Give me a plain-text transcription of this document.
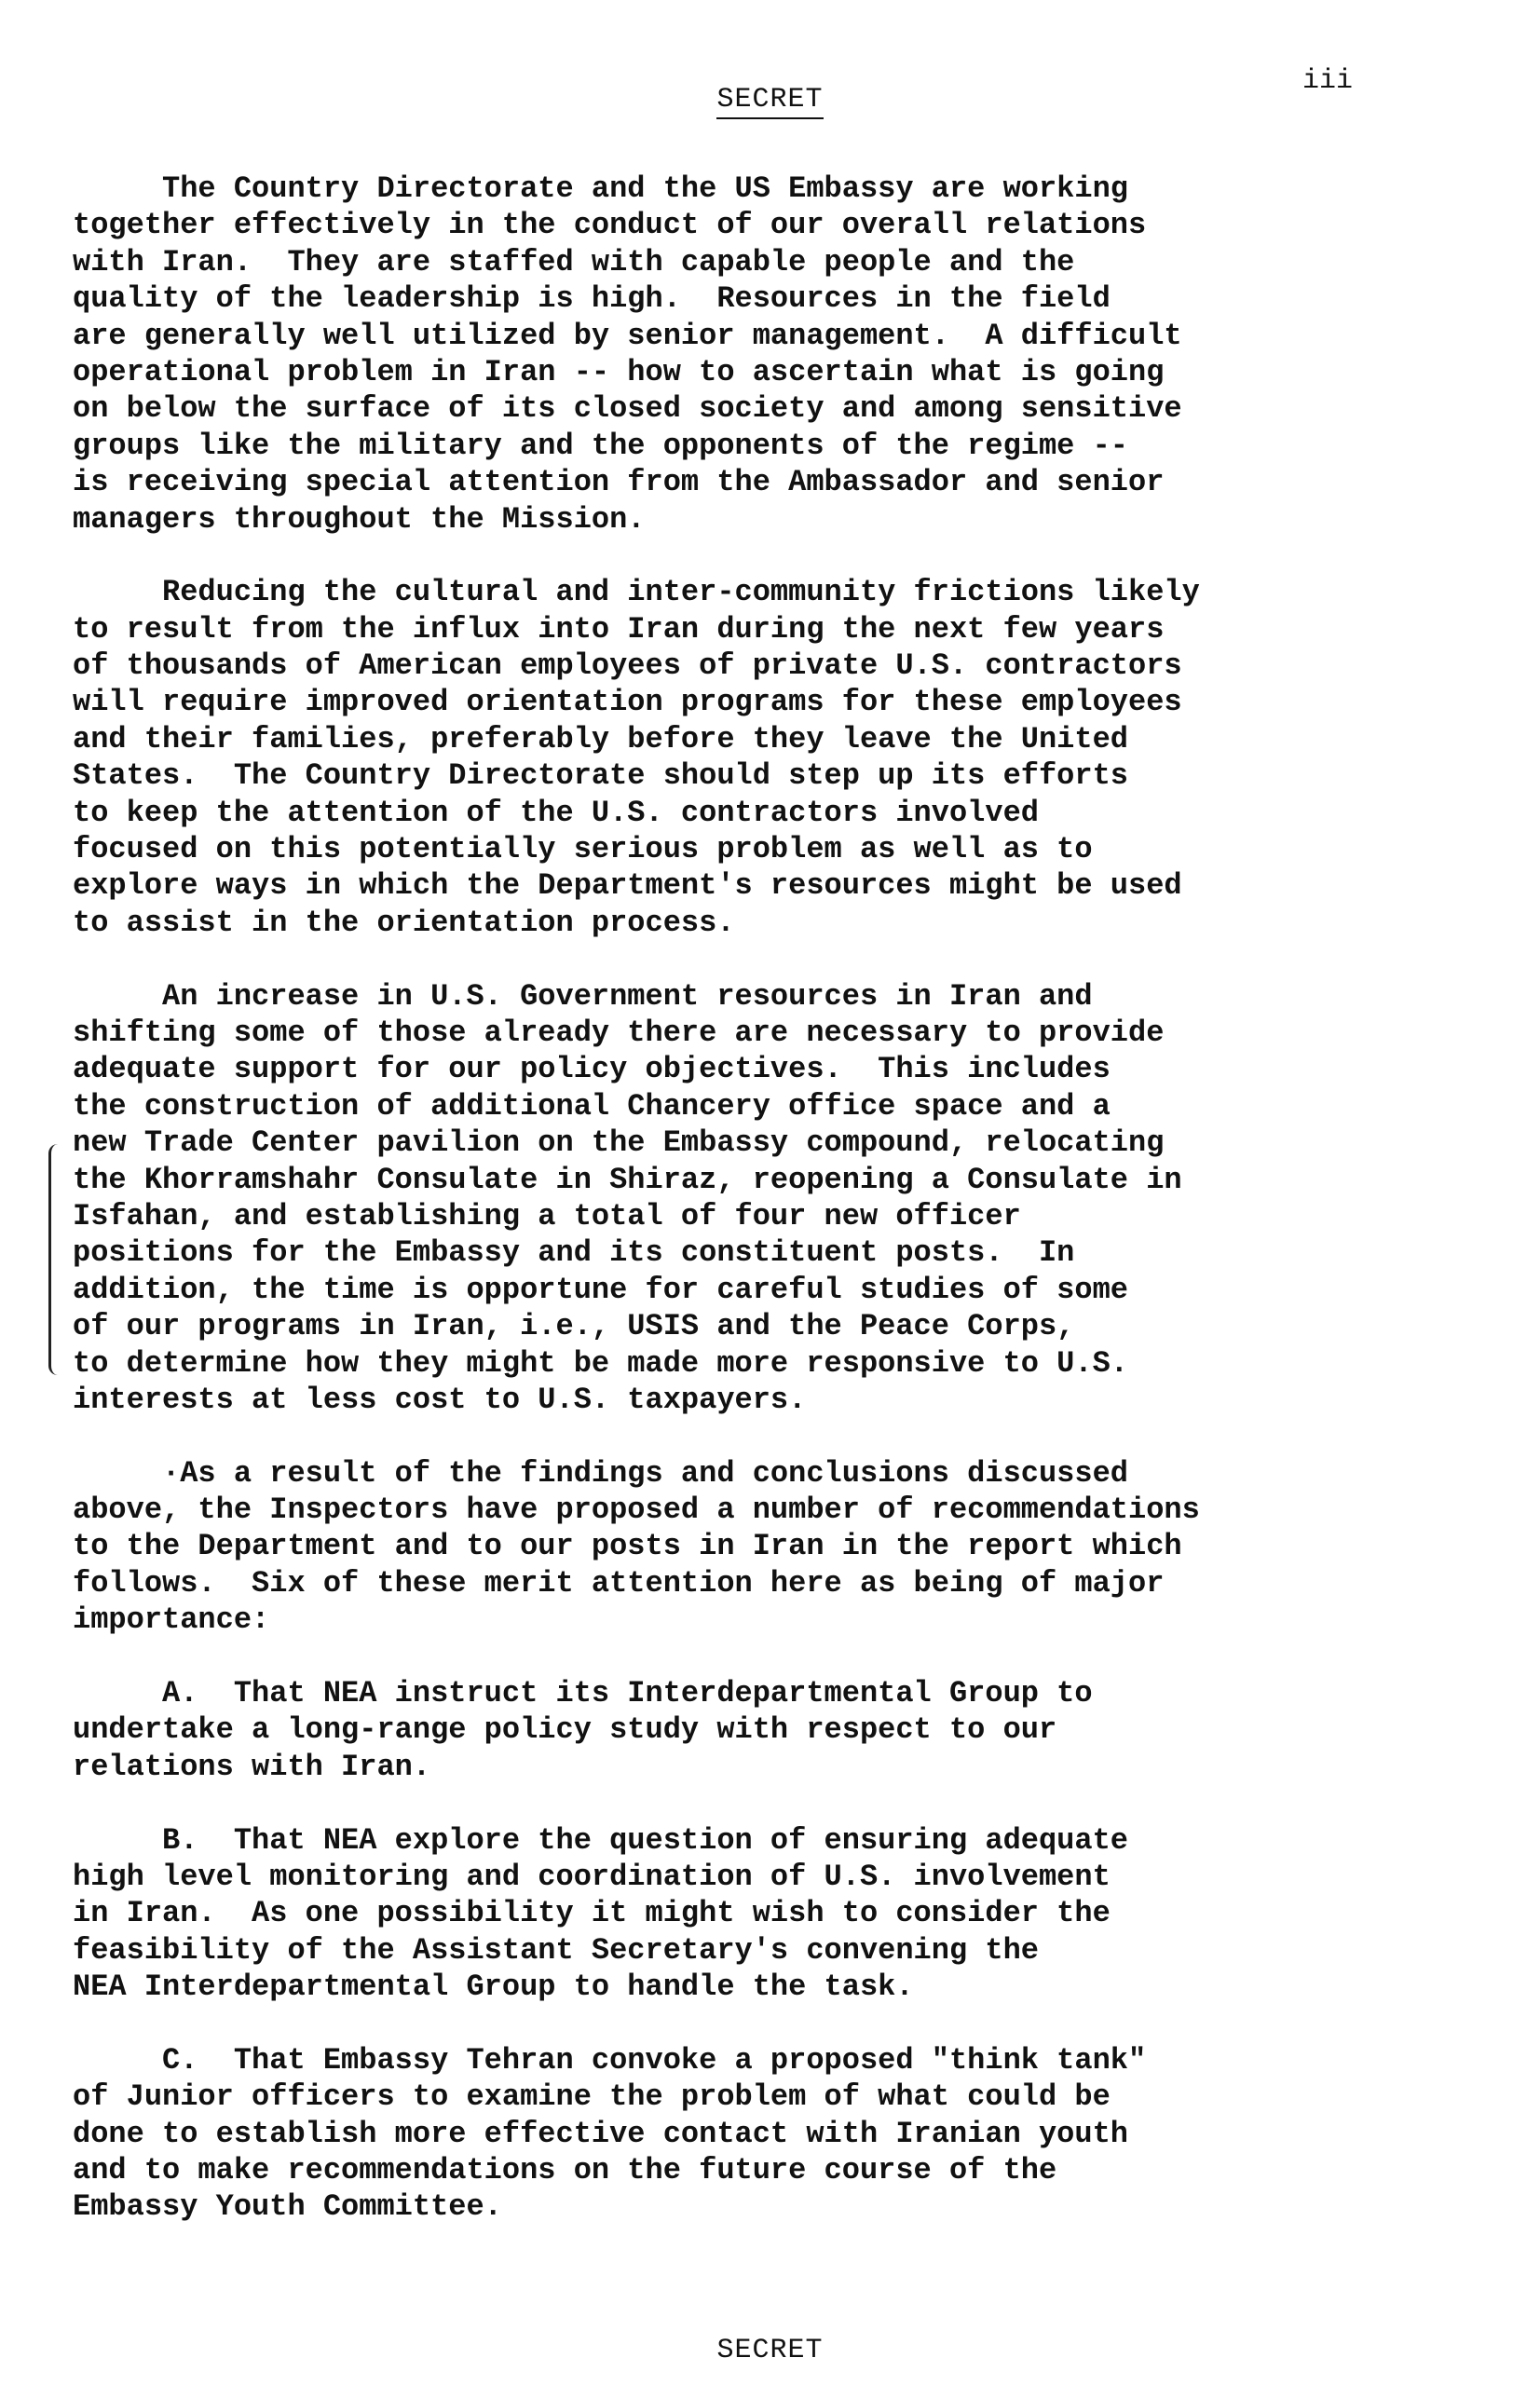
SECRET
iii
The Country Directorate and the US Embassy are working
together effectively in the conduct of our overall relations
with Iran.  They are staffed with capable people and the
quality of the leadership is high.  Resources in the field
are generally well utilized by senior management.  A difficult
operational problem in Iran -- how to ascertain what is going
on below the surface of its closed society and among sensitive
groups like the military and the opponents of the regime --
is receiving special attention from the Ambassador and senior
managers throughout the Mission.
Reducing the cultural and inter-community frictions likely
to result from the influx into Iran during the next few years
of thousands of American employees of private U.S. contractors
will require improved orientation programs for these employees
and their families, preferably before they leave the United
States.  The Country Directorate should step up its efforts
to keep the attention of the U.S. contractors involved
focused on this potentially serious problem as well as to
explore ways in which the Department's resources might be used
to assist in the orientation process.
An increase in U.S. Government resources in Iran and
shifting some of those already there are necessary to provide
adequate support for our policy objectives.  This includes
the construction of additional Chancery office space and a
new Trade Center pavilion on the Embassy compound, relocating
the Khorramshahr Consulate in Shiraz, reopening a Consulate in
Isfahan, and establishing a total of four new officer
positions for the Embassy and its constituent posts.  In
addition, the time is opportune for careful studies of some
of our programs in Iran, i.e., USIS and the Peace Corps,
to determine how they might be made more responsive to U.S.
interests at less cost to U.S. taxpayers.
·As a result of the findings and conclusions discussed
above, the Inspectors have proposed a number of recommendations
to the Department and to our posts in Iran in the report which
follows.  Six of these merit attention here as being of major
importance:
A.  That NEA instruct its Interdepartmental Group to
undertake a long-range policy study with respect to our
relations with Iran.
B.  That NEA explore the question of ensuring adequate
high level monitoring and coordination of U.S. involvement
in Iran.  As one possibility it might wish to consider the
feasibility of the Assistant Secretary's convening the
NEA Interdepartmental Group to handle the task.
C.  That Embassy Tehran convoke a proposed "think tank"
of Junior officers to examine the problem of what could be
done to establish more effective contact with Iranian youth
and to make recommendations on the future course of the
Embassy Youth Committee.
SECRET
